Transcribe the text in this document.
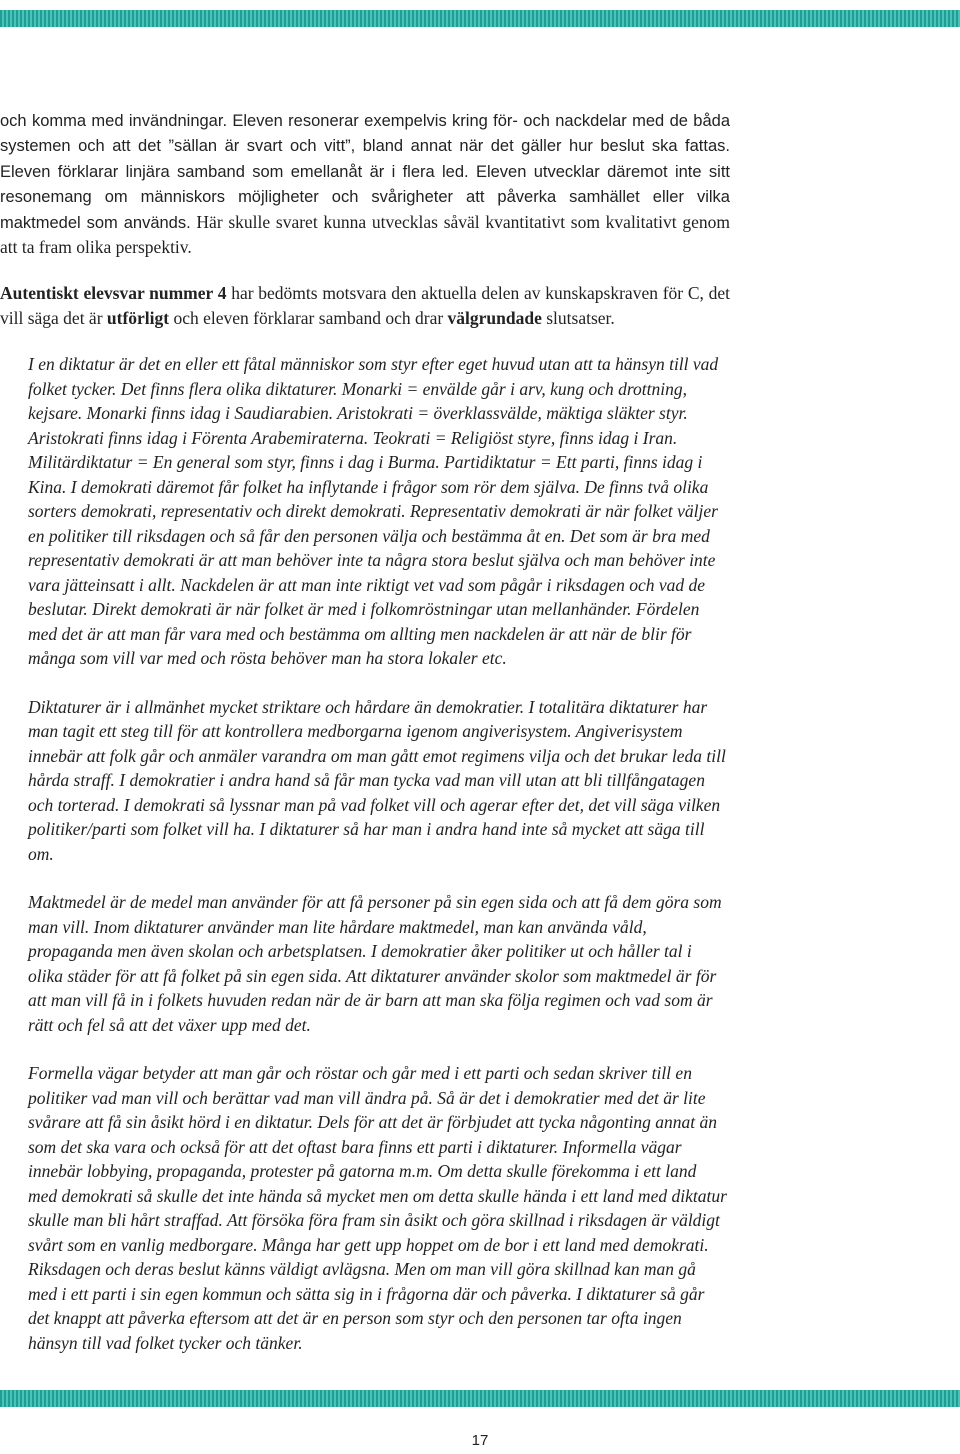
och komma med invändningar. Eleven resonerar exempelvis kring för- och nackdelar med de båda systemen och att det ”sällan är svart och vitt”, bland annat när det gäller hur beslut ska fattas. Eleven förklarar linjära samband som emellanåt är i flera led. Eleven utvecklar däremot inte sitt resonemang om människors möjligheter och svårigheter att påverka samhället eller vilka maktmedel som används. Här skulle svaret kunna utvecklas såväl kvantitativt som kvalitativt genom att ta fram olika perspektiv.

Autentiskt elevsvar nummer 4 har bedömts motsvara den aktuella delen av kunskapskraven för C, det vill säga det är utförligt och eleven förklarar samband och drar välgrundade slutsatser.

I en diktatur är det en eller ett fåtal människor som styr efter eget huvud utan att ta hänsyn till vad folket tycker. Det finns flera olika diktaturer. Monarki = envälde går i arv, kung och drottning, kejsare. Monarki finns idag i Saudiarabien. Aristokrati = överklassvälde, mäktiga släkter styr. Aristokrati finns idag i Förenta Arabemiraterna. Teokrati = Religiöst styre, finns idag i Iran. Militärdiktatur = En general som styr, finns i dag i Burma. Partidiktatur = Ett parti, finns idag i Kina. I demokrati däremot får folket ha inflytande i frågor som rör dem själva. De finns två olika sorters demokrati, representativ och direkt demokrati. Representativ demokrati är när folket väljer en politiker till riksdagen och så får den personen välja och bestämma åt en. Det som är bra med representativ demokrati är att man behöver inte ta några stora beslut själva och man behöver inte vara jätteinsatt i allt. Nackdelen är att man inte riktigt vet vad som pågår i riksdagen och vad de beslutar. Direkt demokrati är när folket är med i folkomröstningar utan mellanhänder. Fördelen med det är att man får vara med och bestämma om allting men nackdelen är att när de blir för många som vill var med och rösta behöver man ha stora lokaler etc.

Diktaturer är i allmänhet mycket striktare och hårdare än demokratier. I totalitära diktaturer har man tagit ett steg till för att kontrollera medborgarna igenom angiverisystem. Angiverisystem innebär att folk går och anmäler varandra om man gått emot regimens vilja och det brukar leda till hårda straff. I demokratier i andra hand så får man tycka vad man vill utan att bli tillfångatagen och torterad. I demokrati så lyssnar man på vad folket vill och agerar efter det, det vill säga vilken politiker/parti som folket vill ha. I diktaturer så har man i andra hand inte så mycket att säga till om.

Maktmedel är de medel man använder för att få personer på sin egen sida och att få dem göra som man vill. Inom diktaturer använder man lite hårdare maktmedel, man kan använda våld, propaganda men även skolan och arbetsplatsen. I demokratier åker politiker ut och håller tal i olika städer för att få folket på sin egen sida. Att diktaturer använder skolor som maktmedel är för att man vill få in i folkets huvuden redan när de är barn att man ska följa regimen och vad som är rätt och fel så att det växer upp med det.

Formella vägar betyder att man går och röstar och går med i ett parti och sedan skriver till en politiker vad man vill och berättar vad man vill ändra på. Så är det i demokratier med det är lite svårare att få sin åsikt hörd i en diktatur. Dels för att det är förbjudet att tycka någonting annat än som det ska vara och också för att det oftast bara finns ett parti i diktaturer. Informella vägar innebär lobbying, propaganda, protester på gatorna m.m. Om detta skulle förekomma i ett land med demokrati så skulle det inte hända så mycket men om detta skulle hända i ett land med diktatur skulle man bli hårt straffad. Att försöka föra fram sin åsikt och göra skillnad i riksdagen är väldigt svårt som en vanlig medborgare. Många har gett upp hoppet om de bor i ett land med demokrati. Riksdagen och deras beslut känns väldigt avlägsna. Men om man vill göra skillnad kan man gå med i ett parti i sin egen kommun och sätta sig in i frågorna där och påverka. I diktaturer så går det knappt att påverka eftersom att det är en person som styr och den personen tar ofta ingen hänsyn till vad folket tycker och tänker.

17
